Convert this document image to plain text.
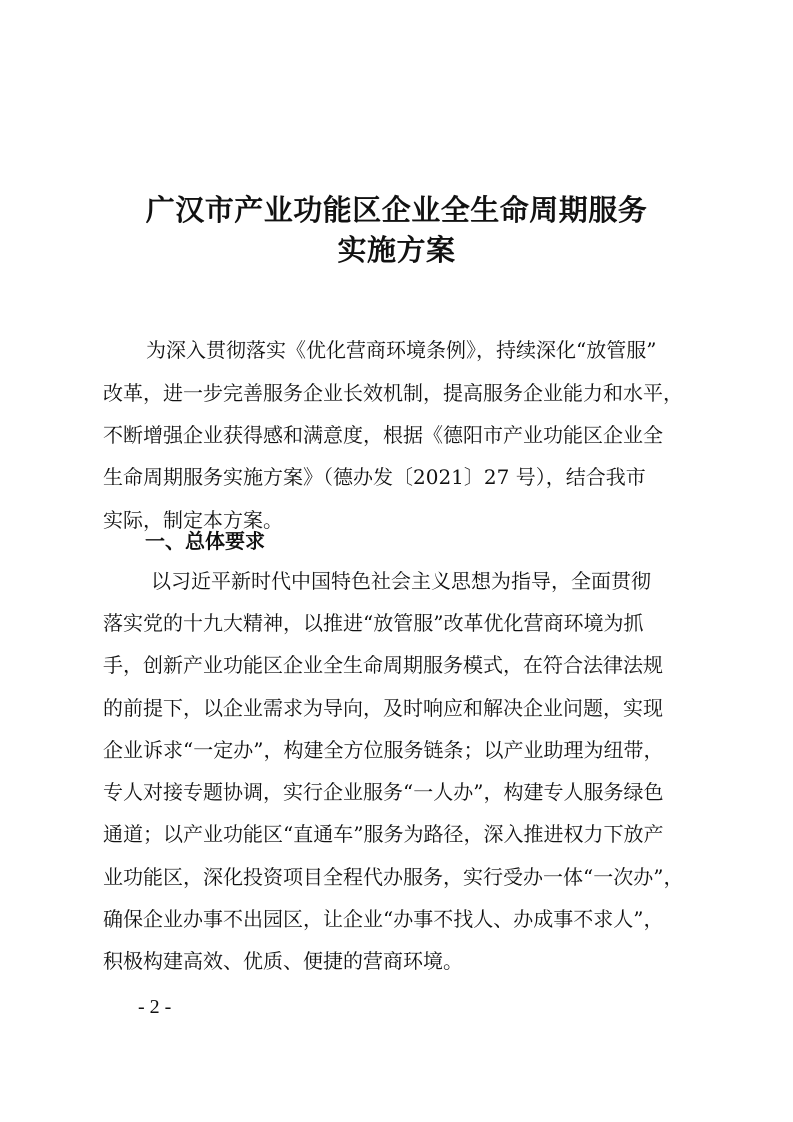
广汉市产业功能区企业全生命周期服务
实施方案
为深入贯彻落实《优化营商环境条例》，持续深化“放管服”
改革，进一步完善服务企业长效机制，提高服务企业能力和水平，
不断增强企业获得感和满意度，根据《德阳市产业功能区企业全
生命周期服务实施方案》（德办发〔2021〕27 号），结合我市
实际，制定本方案。
一、总体要求
以习近平新时代中国特色社会主义思想为指导，全面贯彻
落实党的十九大精神，以推进“放管服”改革优化营商环境为抓
手，创新产业功能区企业全生命周期服务模式，在符合法律法规
的前提下，以企业需求为导向，及时响应和解决企业问题，实现
企业诉求“一定办”，构建全方位服务链条；以产业助理为纽带，
专人对接专题协调，实行企业服务“一人办”，构建专人服务绿色
通道；以产业功能区“直通车”服务为路径，深入推进权力下放产
业功能区，深化投资项目全程代办服务，实行受办一体“一次办”，
确保企业办事不出园区，让企业“办事不找人、办成事不求人”，
积极构建高效、优质、便捷的营商环境。
- 2 -
